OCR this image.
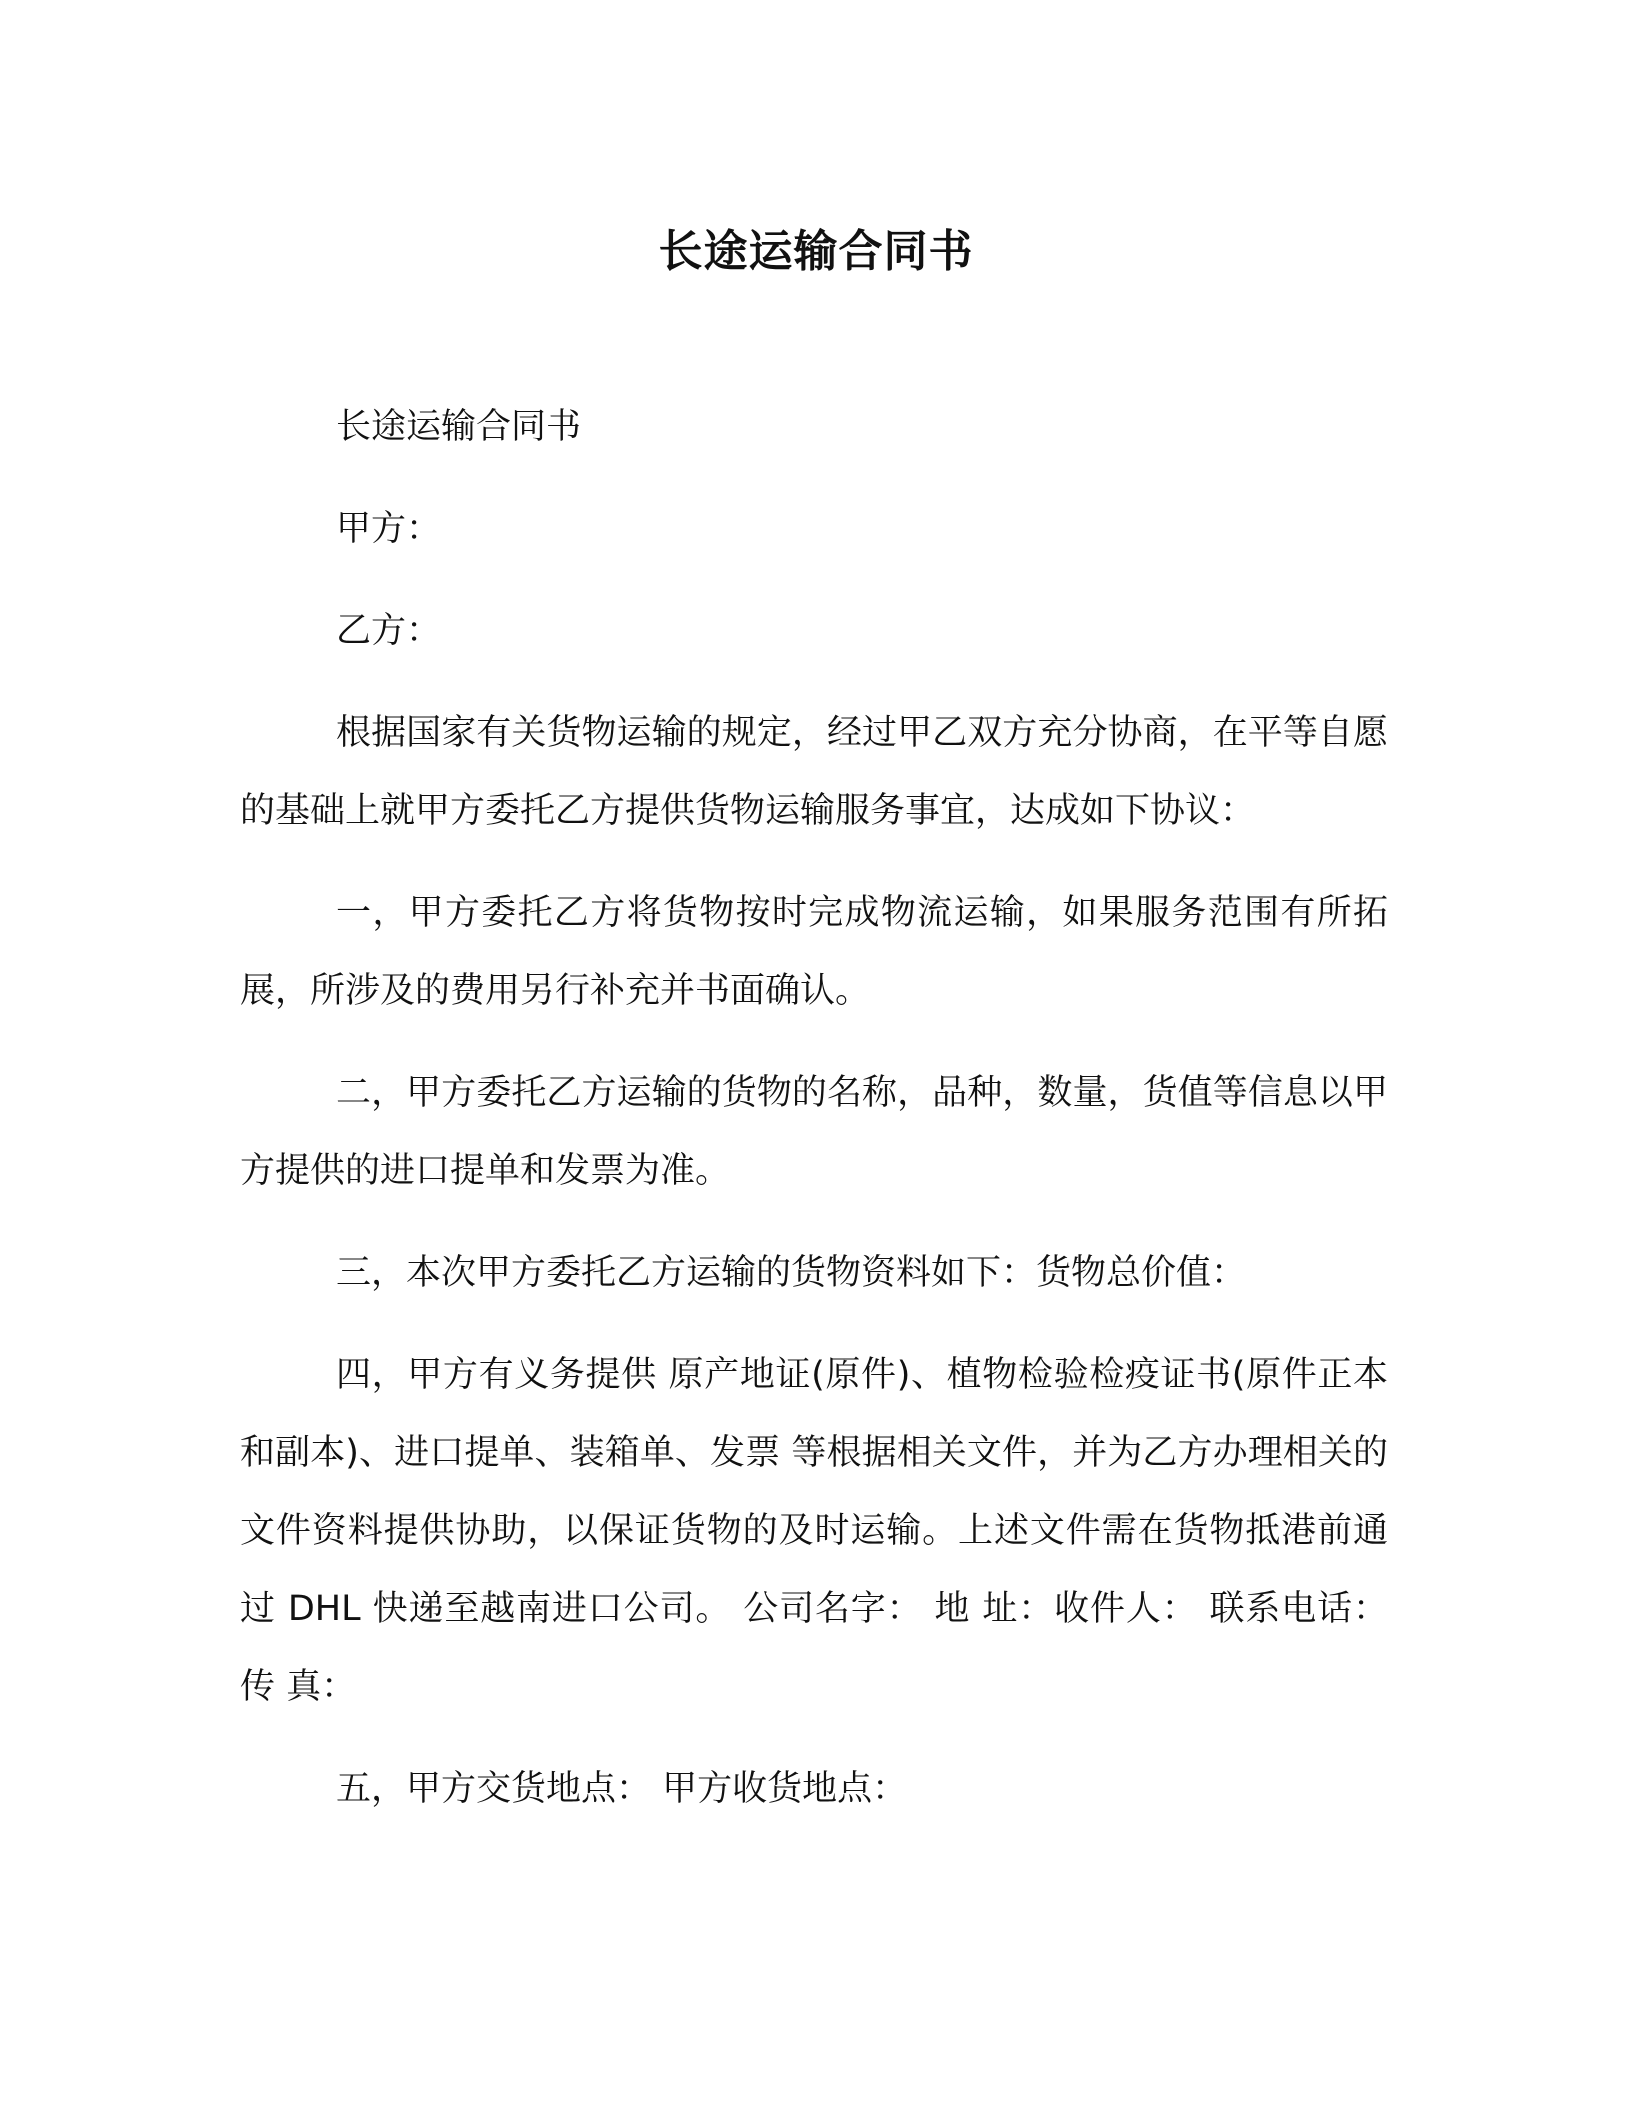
长途运输合同书

长途运输合同书

甲方：

乙方：

根据国家有关货物运输的规定，经过甲乙双方充分协商，在平等自愿的基础上就甲方委托乙方提供货物运输服务事宜，达成如下协议：

一，甲方委托乙方将货物按时完成物流运输，如果服务范围有所拓展，所涉及的费用另行补充并书面确认。

二，甲方委托乙方运输的货物的名称，品种，数量，货值等信息以甲方提供的进口提单和发票为准。

三，本次甲方委托乙方运输的货物资料如下：货物总价值：

四，甲方有义务提供 原产地证(原件)、植物检验检疫证书(原件正本和副本)、进口提单、装箱单、发票 等根据相关文件，并为乙方办理相关的文件资料提供协助，以保证货物的及时运输。上述文件需在货物抵港前通过 DHL 快递至越南进口公司。 公司名字： 地 址：收件人： 联系电话： 传 真：

五，甲方交货地点： 甲方收货地点：
